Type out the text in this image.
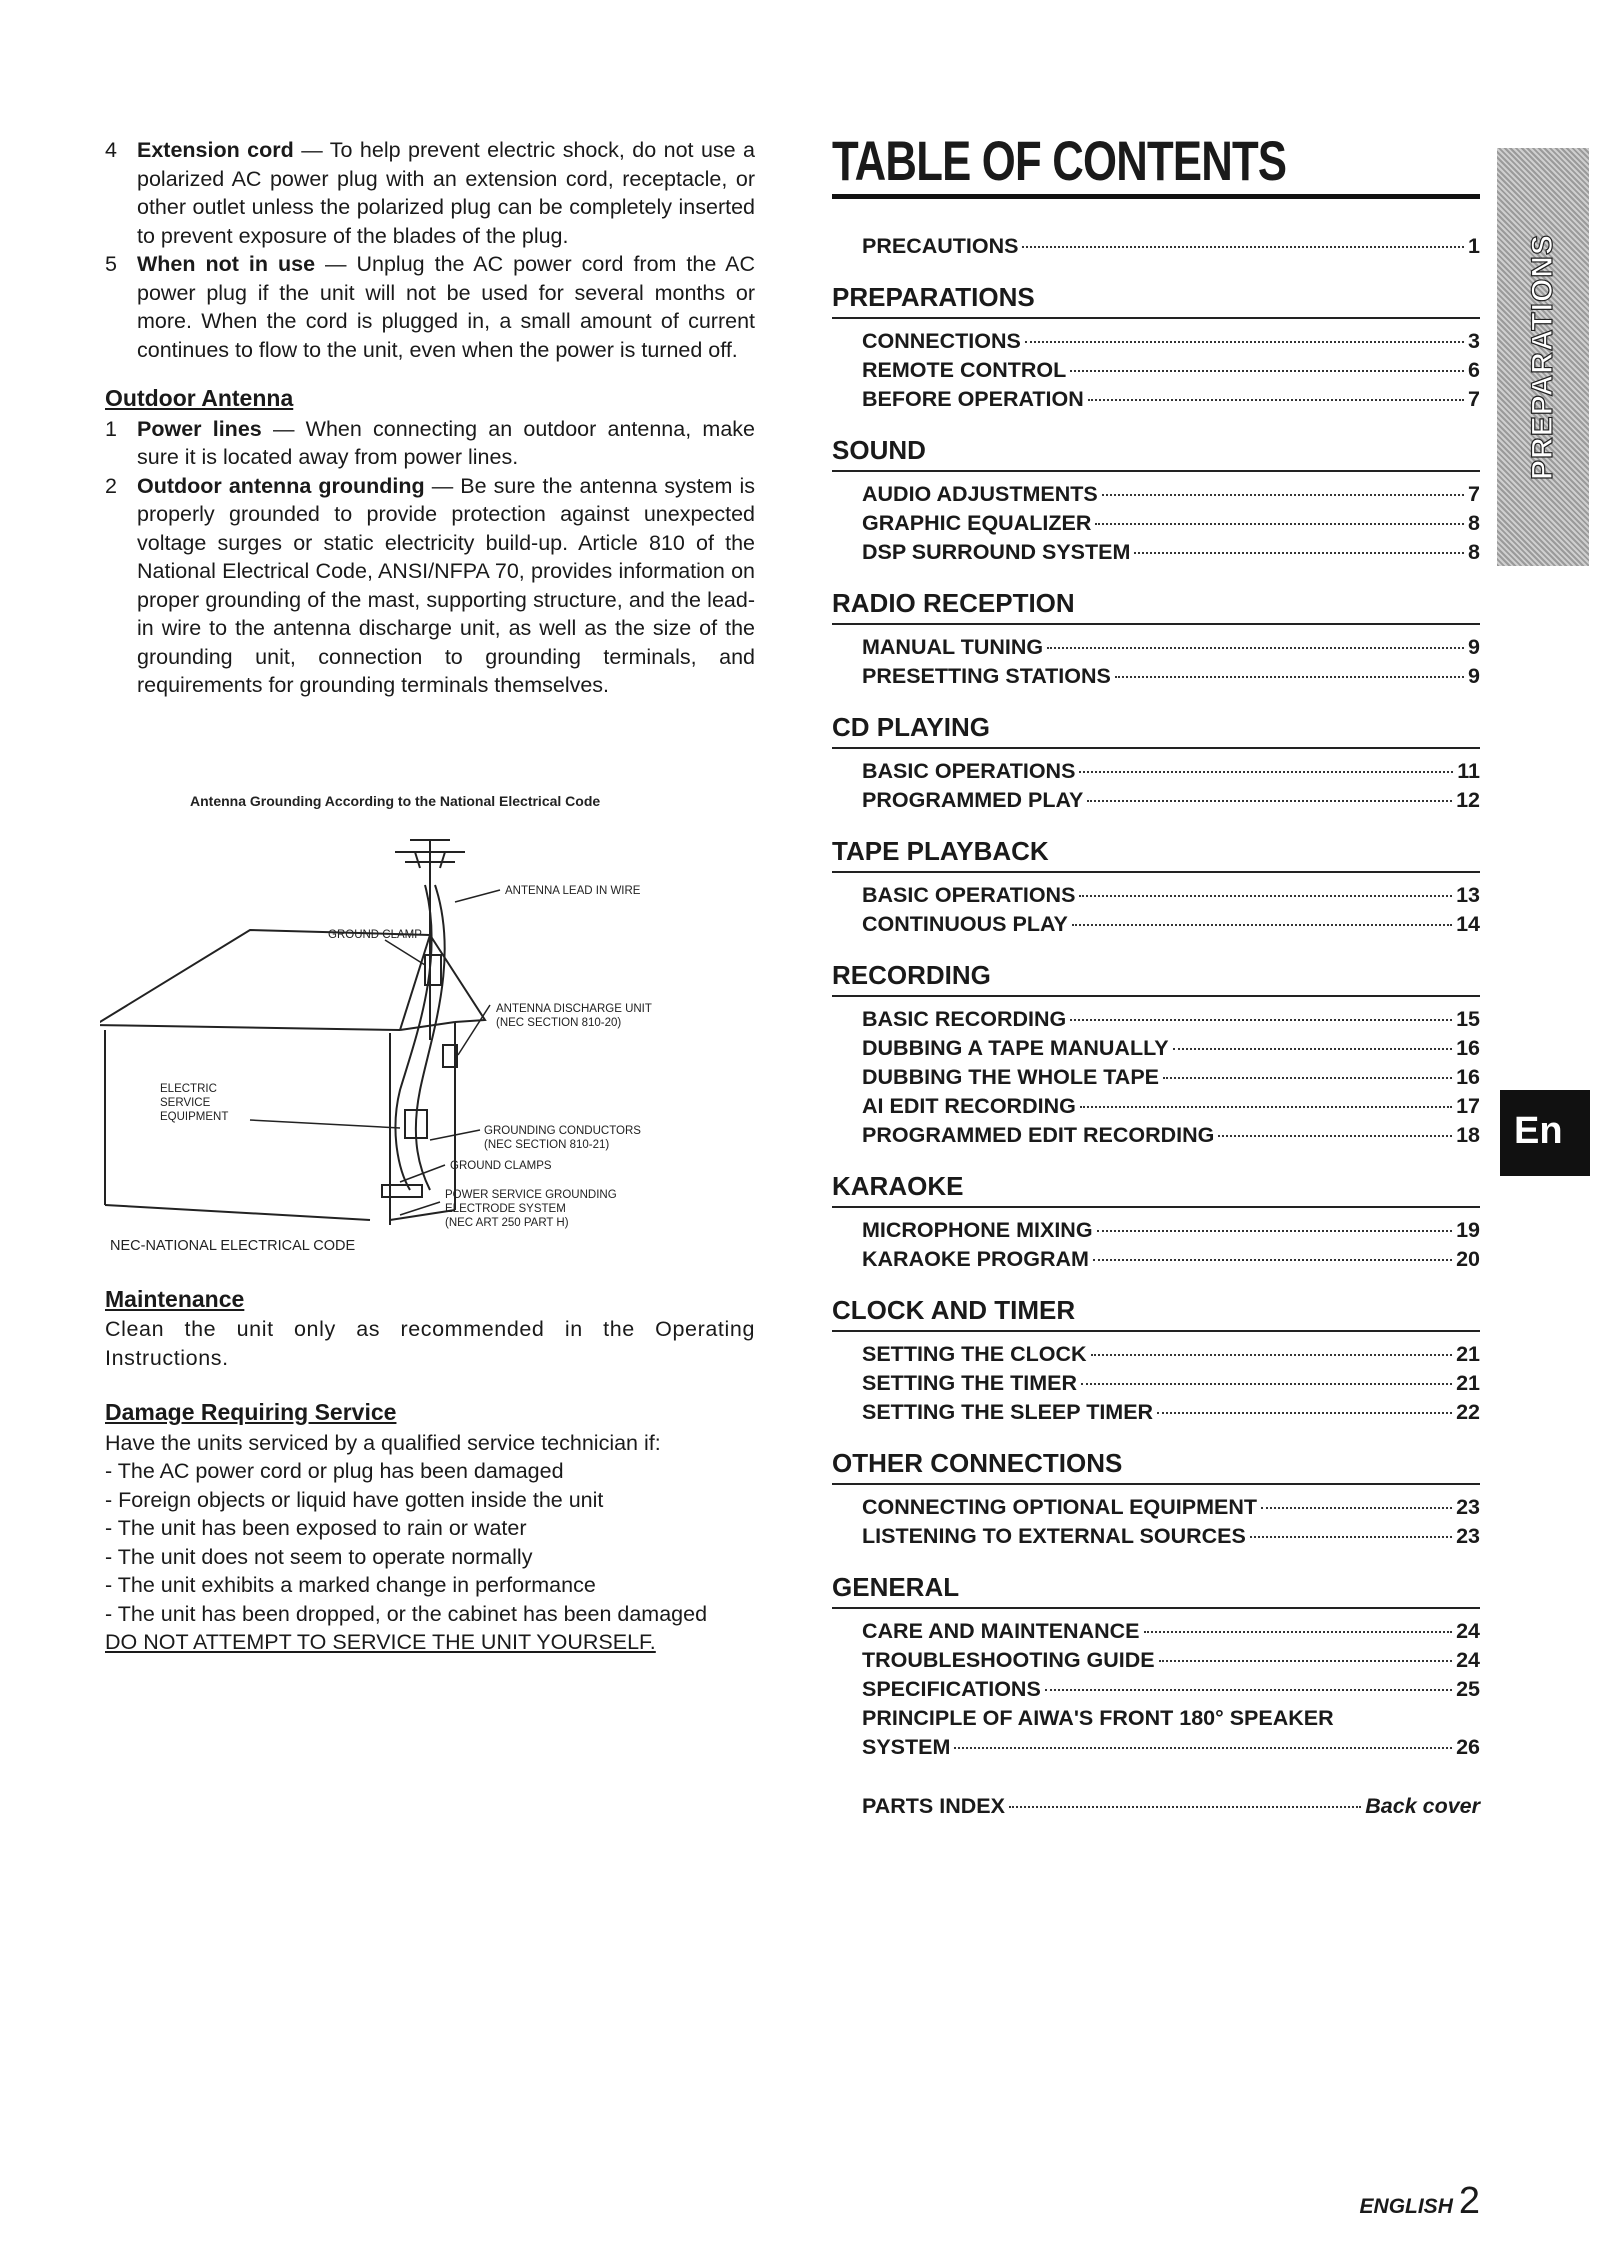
4 Extension cord — To help prevent electric shock, do not use a polarized AC power plug with an extension cord, receptacle, or other outlet unless the polarized plug can be completely inserted to prevent exposure of the blades of the plug.
5 When not in use — Unplug the AC power cord from the AC power plug if the unit will not be used for several months or more. When the cord is plugged in, a small amount of current continues to flow to the unit, even when the power is turned off.
Outdoor Antenna
1 Power lines — When connecting an outdoor antenna, make sure it is located away from power lines.
2 Outdoor antenna grounding — Be sure the antenna system is properly grounded to provide protection against unexpected voltage surges or static electricity build-up. Article 810 of the National Electrical Code, ANSI/NFPA 70, provides information on proper grounding of the mast, supporting structure, and the lead-in wire to the antenna discharge unit, as well as the size of the grounding unit, connection to grounding terminals, and requirements for grounding terminals themselves.
Maintenance
Clean the unit only as recommended in the Operating Instructions.
Damage Requiring Service
Have the units serviced by a qualified service technician if:
- The AC power cord or plug has been damaged
- Foreign objects or liquid have gotten inside the unit
- The unit has been exposed to rain or water
- The unit does not seem to operate normally
- The unit exhibits a marked change in performance
- The unit has been dropped, or the cabinet has been damaged
DO NOT ATTEMPT TO SERVICE THE UNIT YOURSELF.
Antenna Grounding According to the National Electrical Code
ANTENNA LEAD IN WIRE
GROUND CLAMP
ANTENNA DISCHARGE UNIT
(NEC SECTION 810-20)
ELECTRIC
SERVICE
EQUIPMENT
GROUNDING CONDUCTORS
(NEC SECTION 810-21)
GROUND CLAMPS
POWER SERVICE GROUNDING
ELECTRODE SYSTEM
(NEC ART 250 PART H)
NEC-NATIONAL ELECTRICAL CODE
TABLE OF CONTENTS
PRECAUTIONS	1
PREPARATIONS
CONNECTIONS	3
REMOTE CONTROL	6
BEFORE OPERATION	7
SOUND
AUDIO ADJUSTMENTS	7
GRAPHIC EQUALIZER	8
DSP SURROUND SYSTEM	8
RADIO RECEPTION
MANUAL TUNING	9
PRESETTING STATIONS	9
CD PLAYING
BASIC OPERATIONS	11
PROGRAMMED PLAY	12
TAPE PLAYBACK
BASIC OPERATIONS	13
CONTINUOUS PLAY	14
RECORDING
BASIC RECORDING	15
DUBBING A TAPE MANUALLY	16
DUBBING THE WHOLE TAPE	16
AI EDIT RECORDING	17
PROGRAMMED EDIT RECORDING	18
KARAOKE
MICROPHONE MIXING	19
KARAOKE PROGRAM	20
CLOCK AND TIMER
SETTING THE CLOCK	21
SETTING THE TIMER	21
SETTING THE SLEEP TIMER	22
OTHER CONNECTIONS
CONNECTING OPTIONAL EQUIPMENT	23
LISTENING TO EXTERNAL SOURCES	23
GENERAL
CARE AND MAINTENANCE	24
TROUBLESHOOTING GUIDE	24
SPECIFICATIONS	25
PRINCIPLE OF AIWA'S FRONT 180° SPEAKER
SYSTEM	26
PARTS INDEX	Back cover
PREPARATIONS
En
ENGLISH 2
